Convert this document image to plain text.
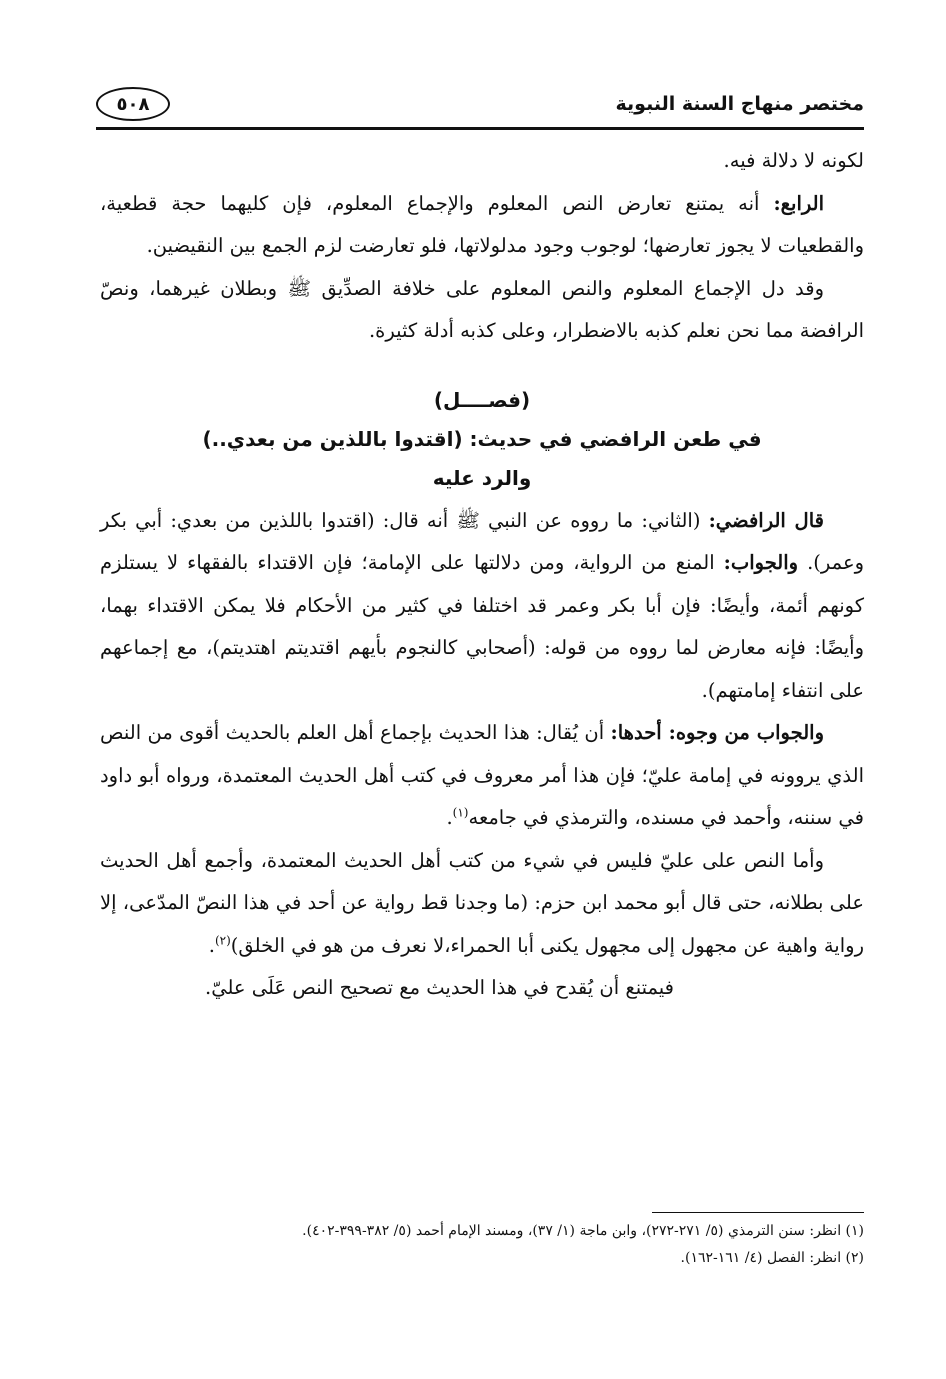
مختصر منهاج السنة النبوية
٥٠٨

لكونه لا دلالة فيه.

الرابع: أنه يمتنع تعارض النص المعلوم والإجماع المعلوم، فإن كليهما حجة قطعية، والقطعيات لا يجوز تعارضها؛ لوجوب وجود مدلولاتها، فلو تعارضت لزم الجمع بين النقيضين.

وقد دل الإجماع المعلوم والنص المعلوم على خلافة الصدِّيق ﷺ وبطلان غيرهما، ونصّ الرافضة مما نحن نعلم كذبه بالاضطرار، وعلى كذبه أدلة كثيرة.

(فصــــل)
في طعن الرافضي في حديث: (اقتدوا باللذين من بعدي..)
والرد عليه

قال الرافضي: (الثاني: ما رووه عن النبي ﷺ أنه قال: (اقتدوا باللذين من بعدي: أبي بكر وعمر). والجواب: المنع من الرواية، ومن دلالتها على الإمامة؛ فإن الاقتداء بالفقهاء لا يستلزم كونهم أئمة، وأيضًا: فإن أبا بكر وعمر قد اختلفا في كثير من الأحكام فلا يمكن الاقتداء بهما، وأيضًا: فإنه معارض لما رووه من قوله: (أصحابي كالنجوم بأيهم اقتديتم اهتديتم)، مع إجماعهم على انتفاء إمامتهم).

والجواب من وجوه: أحدها: أن يُقال: هذا الحديث بإجماع أهل العلم بالحديث أقوى من النص الذي يروونه في إمامة عليّ؛ فإن هذا أمر معروف في كتب أهل الحديث المعتمدة، ورواه أبو داود في سننه، وأحمد في مسنده، والترمذي في جامعه$^{(١)}$.

وأما النص على عليّ فليس في شيء من كتب أهل الحديث المعتمدة، وأجمع أهل الحديث على بطلانه، حتى قال أبو محمد ابن حزم: (ما وجدنا قط رواية عن أحد في هذا النصّ المدّعى، إلا رواية واهية عن مجهول إلى مجهول يكنى أبا الحمراء،لا نعرف من هو في الخلق)$^{(٢)}$.

فيمتنع أن يُقدح في هذا الحديث مع تصحيح النص عَلَى عليّ.

(١) انظر: سنن الترمذي (٥/ ٢٧١-٢٧٢)، وابن ماجة (١/ ٣٧)، ومسند الإمام أحمد (٥/ ٣٨٢-٣٩٩-٤٠٢).
(٢) انظر: الفصل (٤/ ١٦١-١٦٢).
